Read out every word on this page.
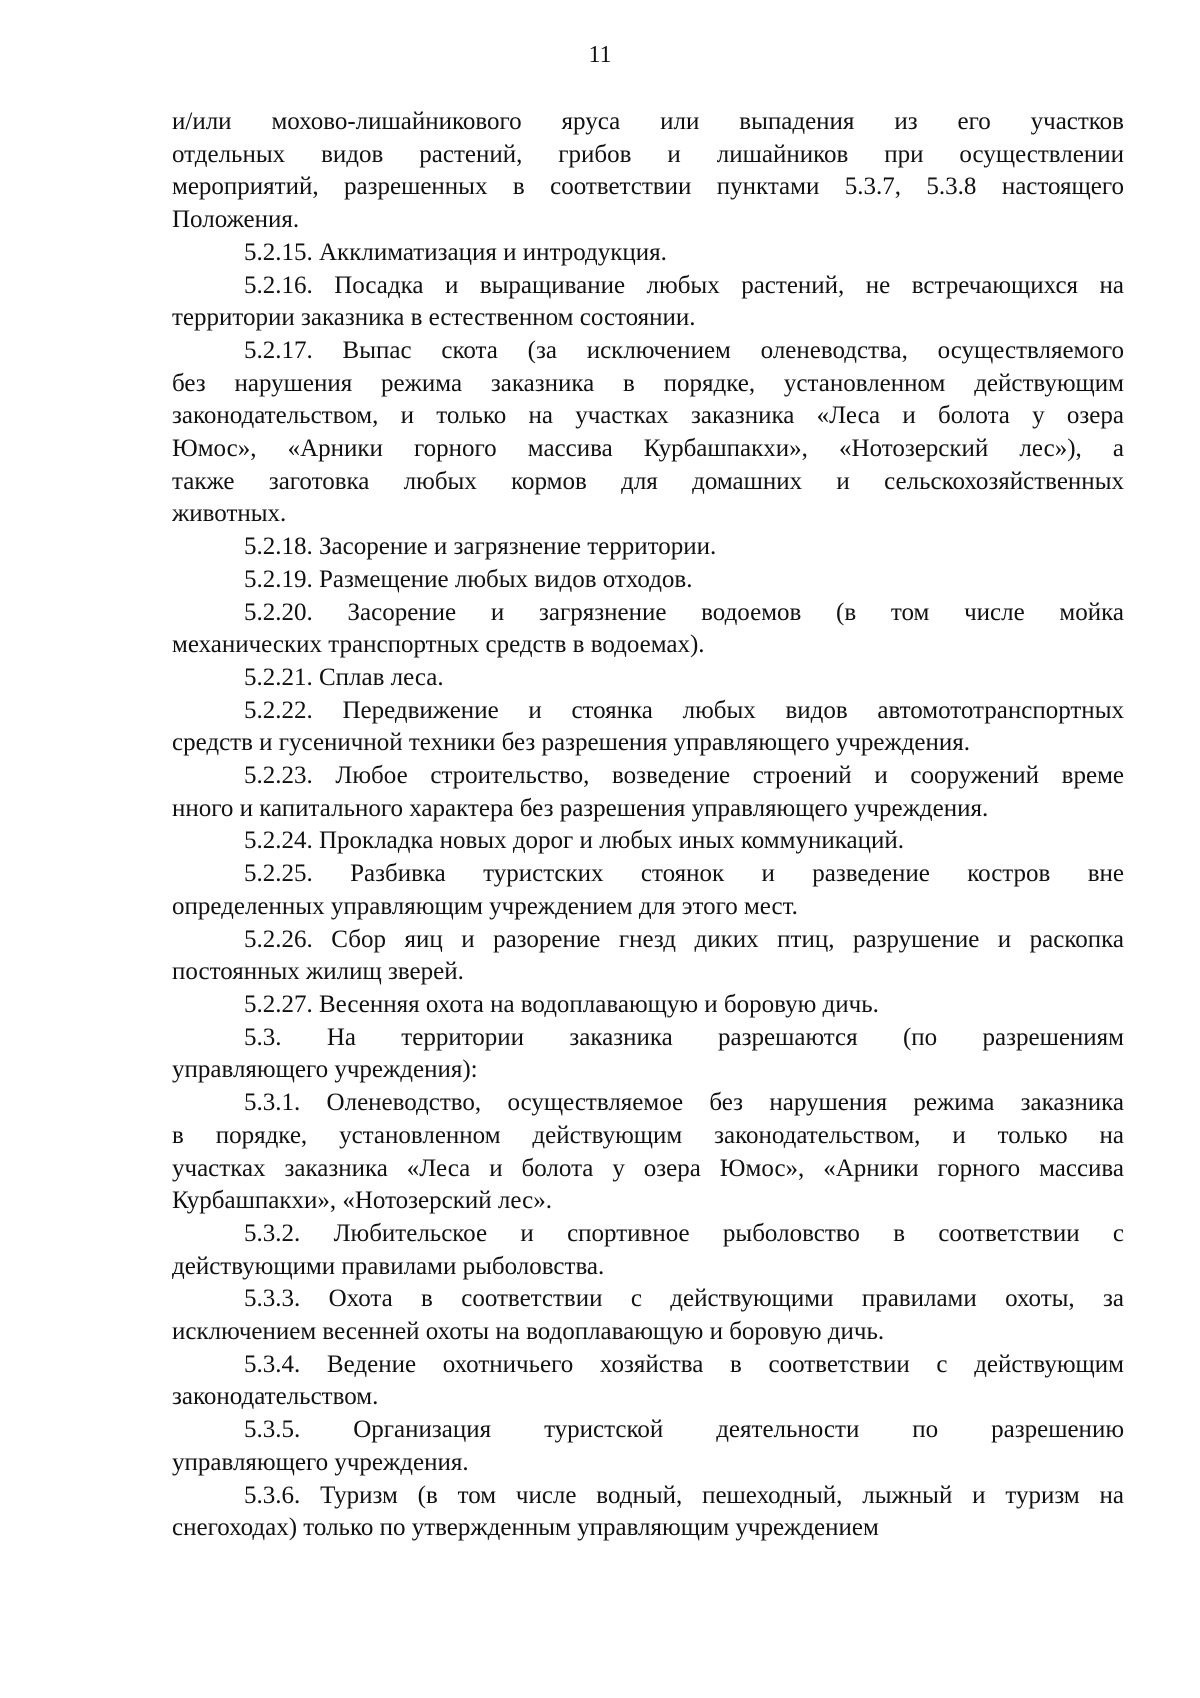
11

и/или мохово-лишайникового яруса или выпадения из его участков
отдельных видов растений, грибов и лишайников при осуществлении
мероприятий, разрешенных в соответствии пунктами 5.3.7, 5.3.8 настоящего
Положения.

5.2.15. Акклиматизация и интродукция.

5.2.16. Посадка и выращивание любых растений, не встречающихся на
территории заказника в естественном состоянии.

5.2.17. Выпас скота (за исключением оленеводства, осуществляемого
без нарушения режима заказника в порядке, установленном действующим
законодательством, и только на участках заказника «Леса и болота у озера
Юмос», «Арники горного массива Курбашпакхи», «Нотозерский лес»), а
также заготовка любых кормов для домашних и сельскохозяйственных
животных.

5.2.18. Засорение и загрязнение территории.

5.2.19. Размещение любых видов отходов.

5.2.20. Засорение и загрязнение водоемов (в том числе мойка
механических транспортных средств в водоемах).

5.2.21. Сплав леса.

5.2.22. Передвижение и стоянка любых видов автомототранспортных
средств и гусеничной техники без разрешения управляющего учреждения.

5.2.23. Любое строительство, возведение строений и сооружений време
нного и капитального характера без разрешения управляющего учреждения.

5.2.24. Прокладка новых дорог и любых иных коммуникаций.

5.2.25. Разбивка туристских стоянок и разведение костров вне
определенных управляющим учреждением для этого мест.

5.2.26. Сбор яиц и разорение гнезд диких птиц, разрушение и раскопка
постоянных жилищ зверей.

5.2.27. Весенняя охота на водоплавающую и боровую дичь.

5.3. На территории заказника разрешаются (по разрешениям
управляющего учреждения):

5.3.1. Оленеводство, осуществляемое без нарушения режима заказника
в порядке, установленном действующим законодательством, и только на
участках заказника «Леса и болота у озера Юмос», «Арники горного массива
Курбашпакхи», «Нотозерский лес».

5.3.2. Любительское и спортивное рыболовство в соответствии с
действующими правилами рыболовства.

5.3.3. Охота в соответствии с действующими правилами охоты, за
исключением весенней охоты на водоплавающую и боровую дичь.

5.3.4. Ведение охотничьего хозяйства в соответствии с действующим
законодательством.

5.3.5. Организация туристской деятельности по разрешению
управляющего учреждения.

5.3.6. Туризм (в том числе водный, пешеходный, лыжный и туризм на
снегоходах) только по утвержденным управляющим учреждением
